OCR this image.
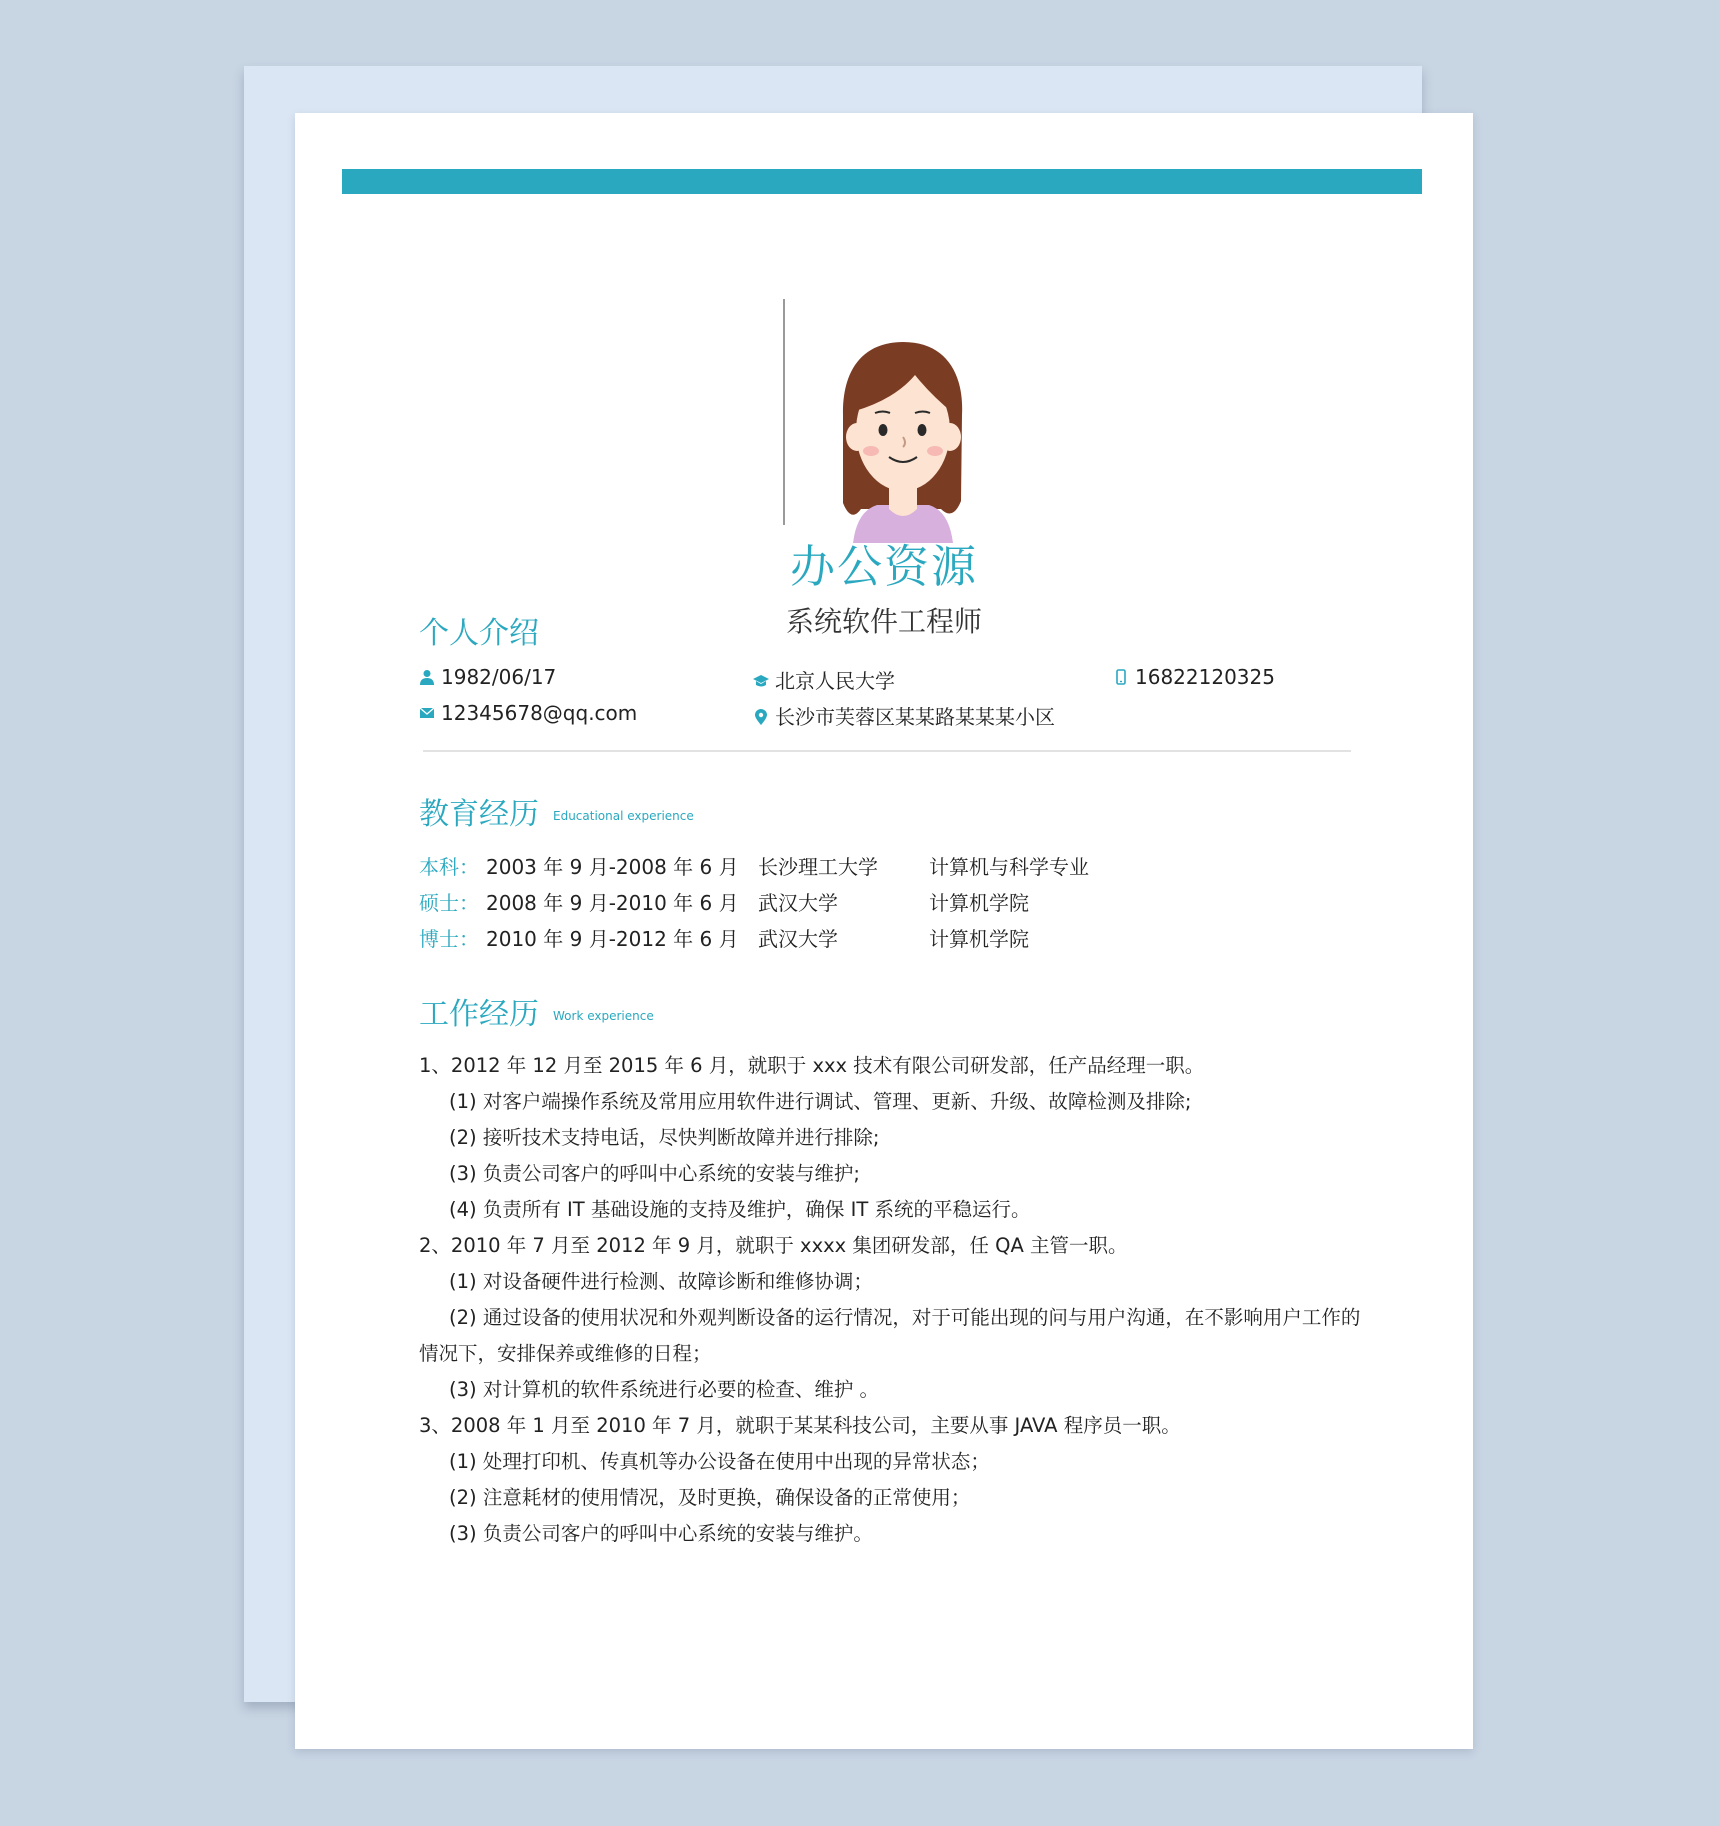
办公资源
系统软件工程师
个人介绍
1982/06/17
12345678@qq.com
北京人民大学
长沙市芙蓉区某某路某某某小区
16822120325
教育经历 Educational experience
本科： 2003 年 9 月-2008 年 6 月 长沙理工大学	计算机与科学专业
硕士： 2008 年 9 月-2010 年 6 月 武汉大学	计算机学院
博士： 2010 年 9 月-2012 年 6 月 武汉大学	计算机学院
工作经历 Work experience
1、2012 年 12 月至 2015 年 6 月，就职于 xxx 技术有限公司研发部，任产品经理一职。
(1) 对客户端操作系统及常用应用软件进行调试、管理、更新、升级、故障检测及排除;
(2) 接听技术支持电话，尽快判断故障并进行排除;
(3) 负责公司客户的呼叫中心系统的安装与维护;
(4) 负责所有 IT 基础设施的支持及维护，确保 IT 系统的平稳运行。
2、2010 年 7 月至 2012 年 9 月，就职于 xxxx 集团研发部，任 QA 主管一职。
(1) 对设备硬件进行检测、故障诊断和维修协调；
(2) 通过设备的使用状况和外观判断设备的运行情况，对于可能出现的问与用户沟通，在不影响用户工作的
情况下，安排保养或维修的日程；
(3) 对计算机的软件系统进行必要的检查、维护 。
3、2008 年 1 月至 2010 年 7 月，就职于某某科技公司，主要从事 JAVA 程序员一职。
(1) 处理打印机、传真机等办公设备在使用中出现的异常状态；
(2) 注意耗材的使用情况，及时更换，确保设备的正常使用；
(3) 负责公司客户的呼叫中心系统的安装与维护。
